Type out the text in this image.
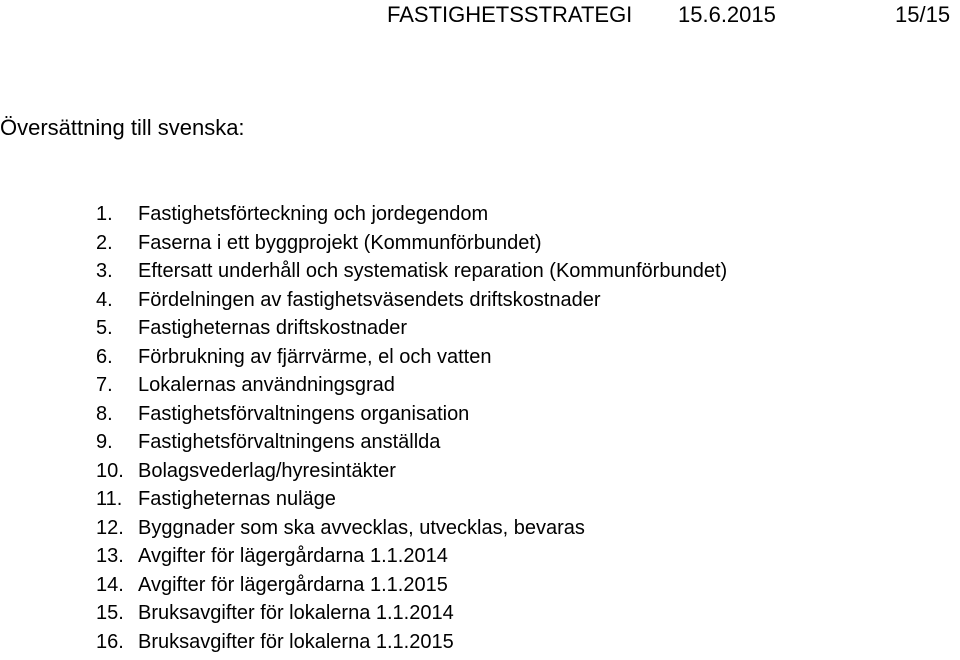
FASTIGHETSSTRATEGI 15.6.2015	15/15
Översättning till svenska:
1. Fastighetsförteckning och jordegendom
2. Faserna i ett byggprojekt (Kommunförbundet)
3. Eftersatt underhåll och systematisk reparation (Kommunförbundet)
4. Fördelningen av fastighetsväsendets driftskostnader
5. Fastigheternas driftskostnader
6. Förbrukning av fjärrvärme, el och vatten
7. Lokalernas användningsgrad
8. Fastighetsförvaltningens organisation
9. Fastighetsförvaltningens anställda
10. Bolagsvederlag/hyresintäkter
11. Fastigheternas nuläge
12. Byggnader som ska avvecklas, utvecklas, bevaras
13. Avgifter för lägergårdarna 1.1.2014
14. Avgifter för lägergårdarna 1.1.2015
15. Bruksavgifter för lokalerna 1.1.2014
16. Bruksavgifter för lokalerna 1.1.2015
